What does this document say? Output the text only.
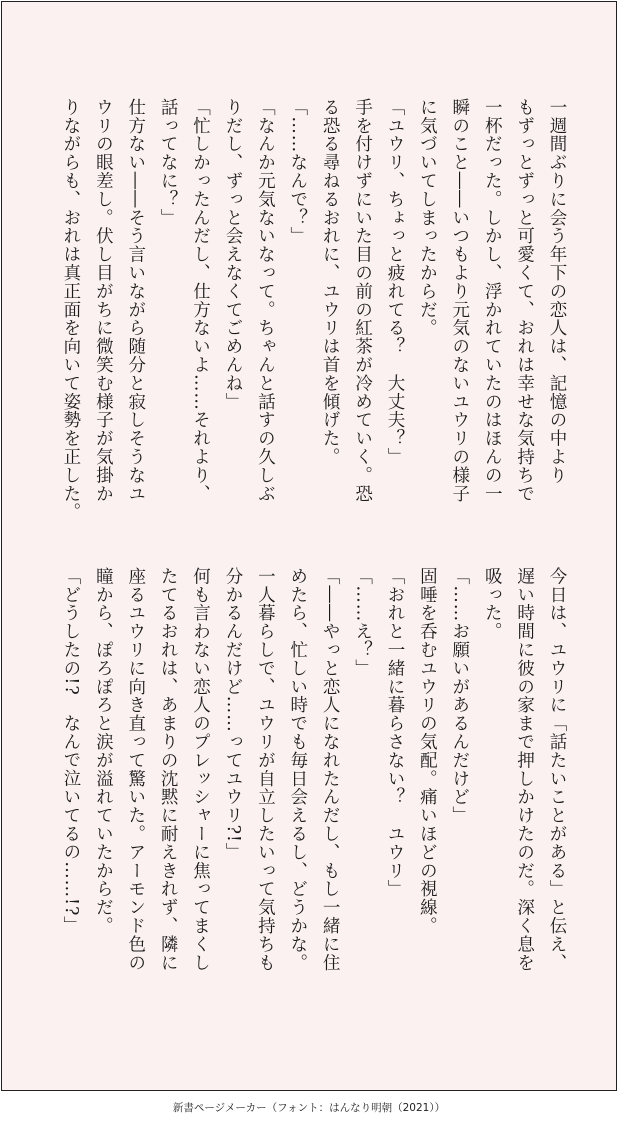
一週間ぶりに会う年下の恋人は、記憶の中より
もずっとずっと可愛くて、おれは幸せな気持ちで
一杯だった。しかし、浮かれていたのはほんの一
瞬のこと――いつもより元気のないユウリの様子
に気づいてしまったからだ。
「ユウリ、ちょっと疲れてる？　大丈夫？」
手を付けずにいた目の前の紅茶が冷めていく。恐
る恐る尋ねるおれに、ユウリは首を傾げた。
「……なんで？」
「なんか元気ないなって。ちゃんと話すの久しぶ
りだし、ずっと会えなくてごめんね」
「忙しかったんだし、仕方ないよ……それより、
話ってなに？」
仕方ない――そう言いながら随分と寂しそうなユ
ウリの眼差し。伏し目がちに微笑む様子が気掛か
りながらも、おれは真正面を向いて姿勢を正した。
今日は、ユウリに「話たいことがある」と伝え、
遅い時間に彼の家まで押しかけたのだ。深く息を
吸った。
「……お願いがあるんだけど」
固唾を呑むユウリの気配。痛いほどの視線。
「おれと一緒に暮らさない？　ユウリ」
「……え？」
「――やっと恋人になれたんだし、もし一緒に住
めたら、忙しい時でも毎日会えるし、どうかな。
一人暮らしで、ユウリが自立したいって気持ちも
分かるんだけど……ってユウリ?!」
何も言わない恋人のプレッシャーに焦ってまくし
たてるおれは、あまりの沈黙に耐えきれず、隣に
座るユウリに向き直って驚いた。アーモンド色の
瞳から、ぽろぽろと涙が溢れていたからだ。
「どうしたの!?　なんで泣いてるの……!?」
新書ページメーカー（フォント：はんなり明朝（2021））
